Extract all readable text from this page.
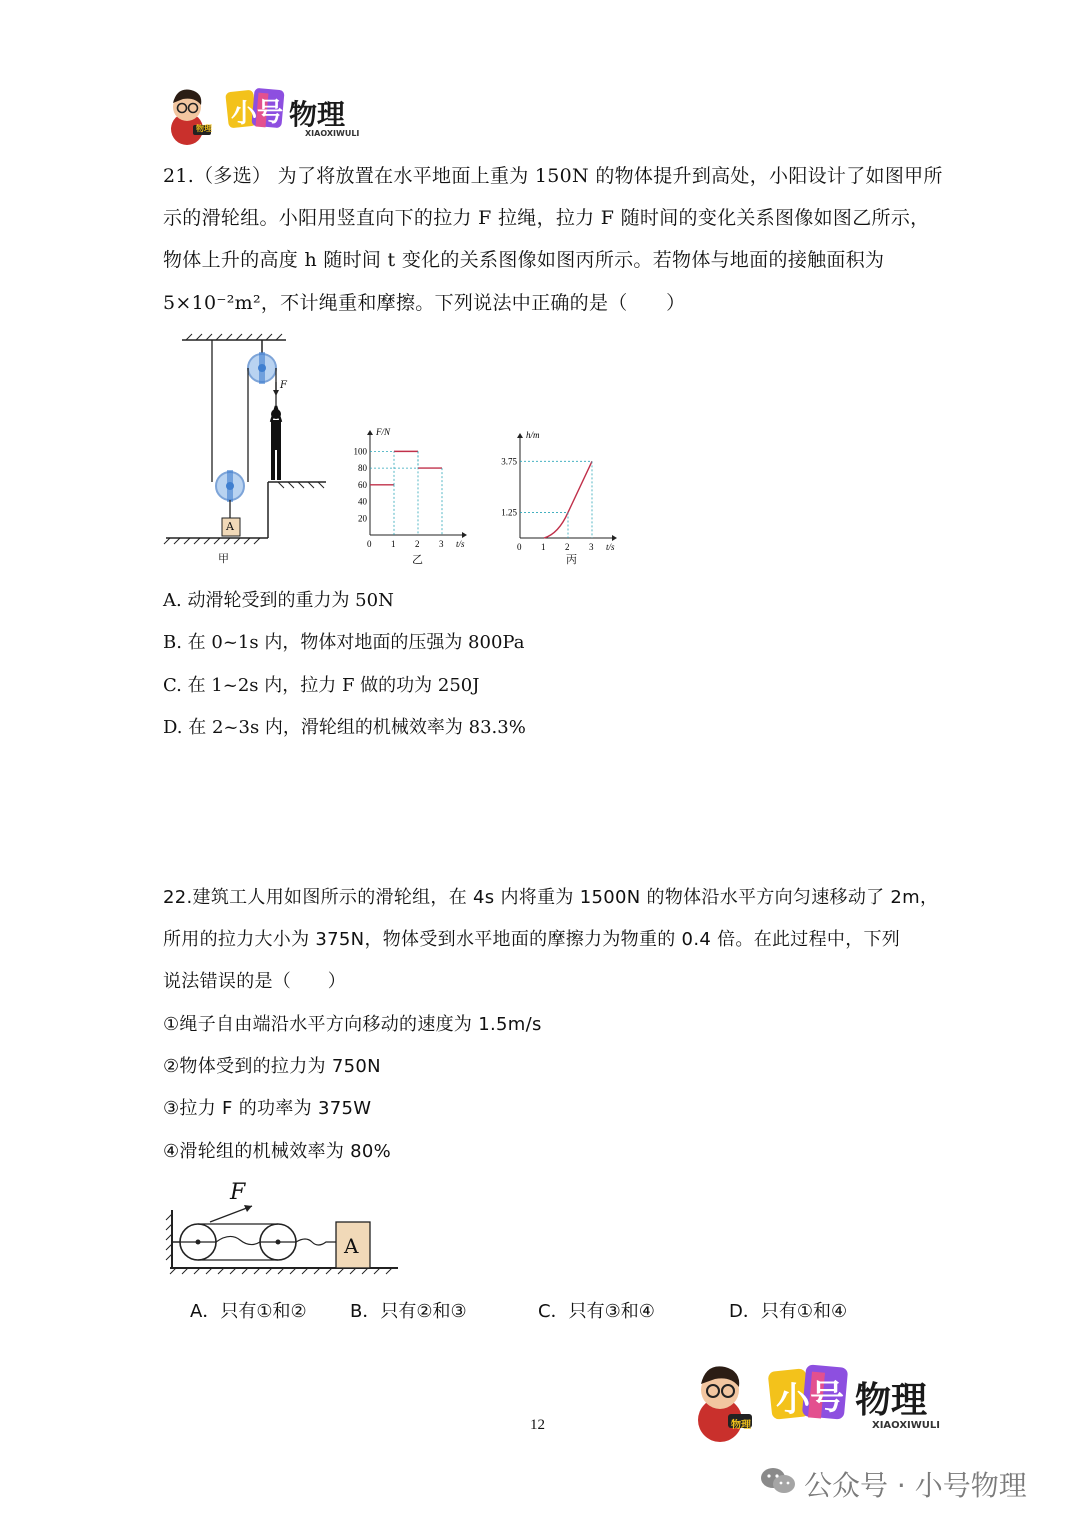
小 号 物理
XIAOXIWULI
物理
21.（多选） 为了将放置在水平地面上重为 150N 的物体提升到高处，小阳设计了如图甲所
示的滑轮组。小阳用竖直向下的拉力 F 拉绳，拉力 F 随时间的变化关系图像如图乙所示，
物体上升的高度 h 随时间 t 变化的关系图像如图丙所示。若物体与地面的接触面积为
5×10⁻²m²，不计绳重和摩擦。下列说法中正确的是（　　）
A
F
甲
F/N
t/s
0 1 2 3
20
40
60
80
100
乙
h/m
t/s
0 1 2 3
1.25
3.75
丙
A. 动滑轮受到的重力为 50N
B. 在 0~1s 内，物体对地面的压强为 800Pa
C. 在 1~2s 内，拉力 F 做的功为 250J
D. 在 2~3s 内，滑轮组的机械效率为 83.3%
22.建筑工人用如图所示的滑轮组，在 4s 内将重为 1500N 的物体沿水平方向匀速移动了 2m，
所用的拉力大小为 375N，物体受到水平地面的摩擦力为物重的 0.4 倍。在此过程中，下列
说法错误的是（　　）
①绳子自由端沿水平方向移动的速度为 1.5m/s
②物体受到的拉力为 750N
③拉力 F 的功率为 375W
④滑轮组的机械效率为 80%
F
A
A．只有①和② B．只有②和③	C．只有③和④	D．只有①和④
小 号 物理
XIAOXIWULI
物理
12
公众号 · 小号物理
